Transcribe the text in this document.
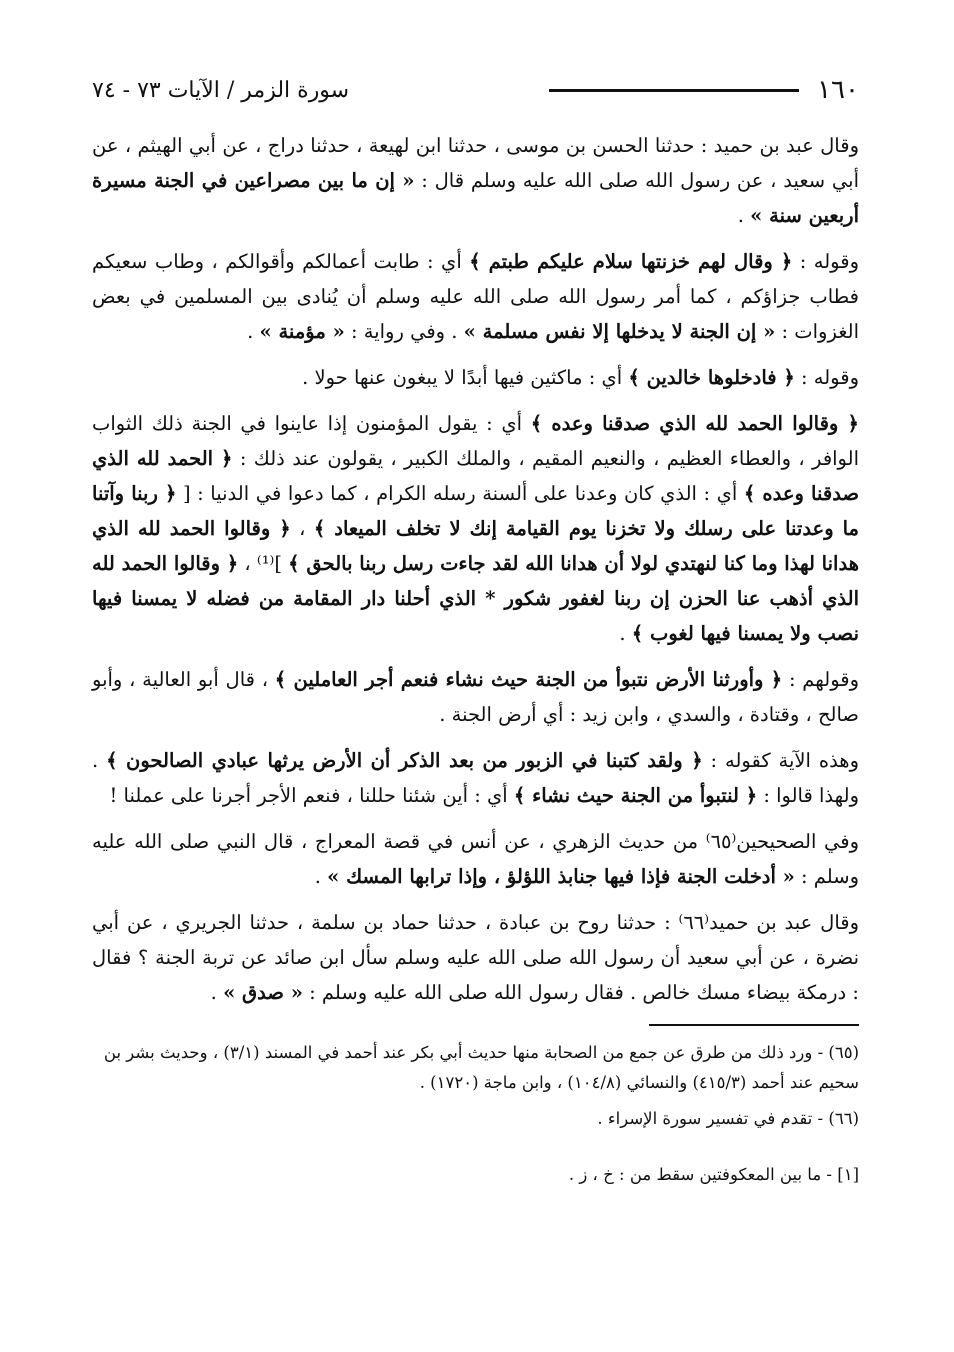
١٦٠
سورة الزمر / الآيات ٧٣ - ٧٤

وقال عبد بن حميد : حدثنا الحسن بن موسى ، حدثنا ابن لهيعة ، حدثنا دراج ، عن أبي الهيثم ، عن أبي سعيد ، عن رسول الله صلى الله عليه وسلم قال : « إن ما بين مصراعين في الجنة مسيرة أربعين سنة » .

وقوله : ﴿ وقال لهم خزنتها سلام عليكم طبتم ﴾ أي : طابت أعمالكم وأقوالكم ، وطاب سعيكم فطاب جزاؤكم ، كما أمر رسول الله صلى الله عليه وسلم أن يُنادى بين المسلمين في بعض الغزوات : « إن الجنة لا يدخلها إلا نفس مسلمة » . وفي رواية : « مؤمنة » .

وقوله : ﴿ فادخلوها خالدين ﴾ أي : ماكثين فيها أبدًا لا يبغون عنها حولا .

﴿ وقالوا الحمد لله الذي صدقنا وعده ﴾ أي : يقول المؤمنون إذا عاينوا في الجنة ذلك الثواب الوافر ، والعطاء العظيم ، والنعيم المقيم ، والملك الكبير ، يقولون عند ذلك : ﴿ الحمد لله الذي صدقنا وعده ﴾ أي : الذي كان وعدنا على ألسنة رسله الكرام ، كما دعوا في الدنيا : [ ﴿ ربنا وآتنا ما وعدتنا على رسلك ولا تخزنا يوم القيامة إنك لا تخلف الميعاد ﴾ ، ﴿ وقالوا الحمد لله الذي هدانا لهذا وما كنا لنهتدي لولا أن هدانا الله لقد جاءت رسل ربنا بالحق ﴾ ]⁽¹⁾ ، ﴿ وقالوا الحمد لله الذي أذهب عنا الحزن إن ربنا لغفور شكور * الذي أحلنا دار المقامة من فضله لا يمسنا فيها نصب ولا يمسنا فيها لغوب ﴾ .

وقولهم : ﴿ وأورثنا الأرض نتبوأ من الجنة حيث نشاء فنعم أجر العاملين ﴾ ، قال أبو العالية ، وأبو صالح ، وقتادة ، والسدي ، وابن زيد : أي أرض الجنة .

وهذه الآية كقوله : ﴿ ولقد كتبنا في الزبور من بعد الذكر أن الأرض يرثها عبادي الصالحون ﴾ . ولهذا قالوا : ﴿ لنتبوأ من الجنة حيث نشاء ﴾ أي : أين شئنا حللنا ، فنعم الأجر أجرنا على عملنا !

وفي الصحيحين⁽٦٥⁾ من حديث الزهري ، عن أنس في قصة المعراج ، قال النبي صلى الله عليه وسلم : « أدخلت الجنة فإذا فيها جنابذ اللؤلؤ ، وإذا ترابها المسك » .

وقال عبد بن حميد⁽٦٦⁾ : حدثنا روح بن عبادة ، حدثنا حماد بن سلمة ، حدثنا الجريري ، عن أبي نضرة ، عن أبي سعيد أن رسول الله صلى الله عليه وسلم سأل ابن صائد عن تربة الجنة ؟ فقال : درمكة بيضاء مسك خالص . فقال رسول الله صلى الله عليه وسلم : « صدق » .

(٦٥) - ورد ذلك من طرق عن جمع من الصحابة منها حديث أبي بكر عند أحمد في المسند (٣/١) ، وحديث بشر بن سحيم عند أحمد (٤١٥/٣) والنسائي (١٠٤/٨) ، وابن ماجة (١٧٢٠) .

(٦٦) - تقدم في تفسير سورة الإسراء .

[١] - ما بين المعكوفتين سقط من : خ ، ز .
